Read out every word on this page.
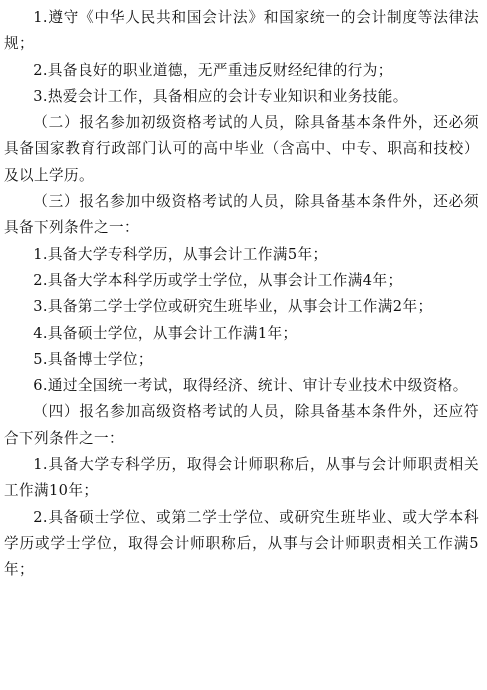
1.遵守《中华人民共和国会计法》和国家统一的会计制度等法律法规；

2.具备良好的职业道德，无严重违反财经纪律的行为；

3.热爱会计工作，具备相应的会计专业知识和业务技能。

（二）报名参加初级资格考试的人员，除具备基本条件外，还必须具备国家教育行政部门认可的高中毕业（含高中、中专、职高和技校）及以上学历。

（三）报名参加中级资格考试的人员，除具备基本条件外，还必须具备下列条件之一：

1.具备大学专科学历，从事会计工作满5年；

2.具备大学本科学历或学士学位，从事会计工作满4年；

3.具备第二学士学位或研究生班毕业，从事会计工作满2年；

4.具备硕士学位，从事会计工作满1年；

5.具备博士学位；

6.通过全国统一考试，取得经济、统计、审计专业技术中级资格。

（四）报名参加高级资格考试的人员，除具备基本条件外，还应符合下列条件之一：

1.具备大学专科学历，取得会计师职称后，从事与会计师职责相关工作满10年；

2.具备硕士学位、或第二学士学位、或研究生班毕业、或大学本科学历或学士学位，取得会计师职称后，从事与会计师职责相关工作满5年；
